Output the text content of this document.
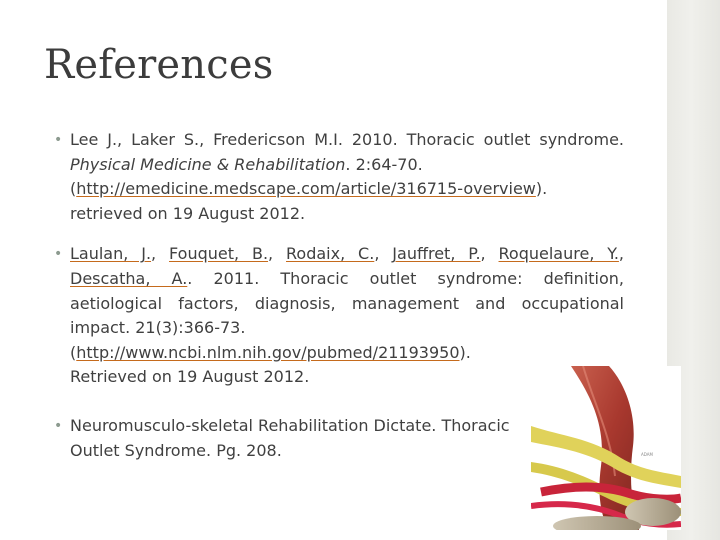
References
• Lee J., Laker S., Fredericson M.I. 2010. Thoracic outlet syndrome. Physical Medicine & Rehabilitation. 2:64-70.
(http://emedicine.medscape.com/article/316715-overview).
retrieved on 19 August 2012.
• Laulan, J., Fouquet, B., Rodaix, C., Jauffret, P., Roquelaure, Y., Descatha, A.. 2011. Thoracic outlet syndrome: definition, aetiological factors, diagnosis, management and occupational impact. 21(3):366-73.
(http://www.ncbi.nlm.nih.gov/pubmed/21193950).
Retrieved on 19 August 2012.
• Neuromusculo-skeletal Rehabilitation Dictate. Thoracic
Outlet Syndrome. Pg. 208.	ADAM
